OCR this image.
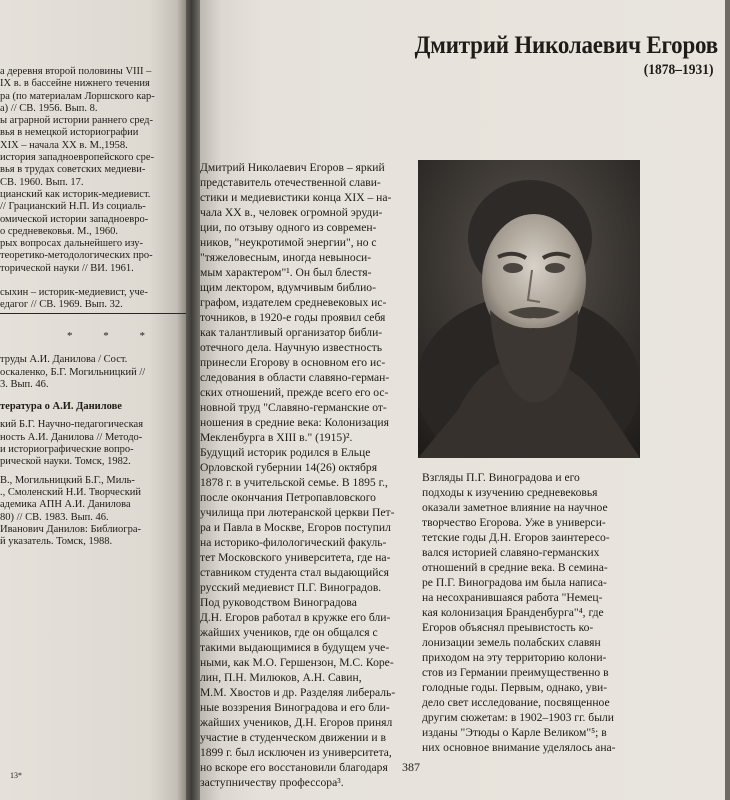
а деревня второй половины VIII –
IX в. в бассейне нижнего течения
ра (по материалам Лоршского кар-
а) // СВ. 1956. Вып. 8.
ы аграрной истории раннего сред-
вья в немецкой историографии
XIX – начала XX в. М.,1958.
история западноевропейского сре-
вья в трудах советских медиеви-
СВ. 1960. Вып. 17.
цианский как историк-медиевист.
// Грацианский Н.П. Из социаль-
омической истории западноевро-
о средневековья. М., 1960.
рых вопросах дальнейшего изу-
теоретико-методологических про-
торической науки // ВИ. 1961.
сыхин – историк-медиевист, уче-
едагог // СВ. 1969. Вып. 32.
* * *
труды А.И. Данилова / Сост.
оскаленко, Б.Г. Могильницкий //
3. Вып. 46.
тература о А.И. Данилове
кий Б.Г. Научно-педагогическая
ность А.И. Данилова // Методо-
и историографические вопро-
рической науки. Томск, 1982.
В., Могильницкий Б.Г., Миль-
., Смоленский Н.И. Творческий
адемика АПН А.И. Данилова
80) // СВ. 1983. Вып. 46.
Иванович Данилов: Библиогра-
й указатель. Томск, 1988.
13*
Дмитрий Николаевич Егоров
(1878–1931)
Дмитрий Николаевич Егоров – яркий
представитель отечественной слави-
стики и медиевистики конца XIX – на-
чала XX в., человек огромной эруди-
ции, по отзыву одного из современ-
ников, "неукротимой энергии", но с
"тяжеловесным, иногда невыноси-
мым характером"¹. Он был блестя-
щим лектором, вдумчивым библио-
графом, издателем средневековых ис-
точников, в 1920-е годы проявил себя
как талантливый организатор библи-
отечного дела. Научную известность
принесли Егорову в основном его ис-
следования в области славяно-герман-
ских отношений, прежде всего его ос-
новной труд "Славяно-германские от-
ношения в средние века: Колонизация
Мекленбурга в XIII в." (1915)².
Будущий историк родился в Ельце
Орловской губернии 14(26) октября
1878 г. в учительской семье. В 1895 г.,
после окончания Петропавловского
училища при лютеранской церкви Пет-
ра и Павла в Москве, Егоров поступил
на историко-филологический факуль-
тет Московского университета, где на-
ставником студента стал выдающийся
русский медиевист П.Г. Виноградов.
Под руководством Виноградова
Д.Н. Егоров работал в кружке его бли-
жайших учеников, где он общался с
такими выдающимися в будущем уче-
ными, как М.О. Гершензон, М.С. Коре-
лин, П.Н. Милюков, А.Н. Савин,
М.М. Хвостов и др. Разделяя либераль-
ные воззрения Виноградова и его бли-
жайших учеников, Д.Н. Егоров принял
участие в студенческом движении и в
1899 г. был исключен из университета,
но вскоре его восстановили благодаря
заступничеству профессора³.
Взгляды П.Г. Виноградова и его
подходы к изучению средневековья
оказали заметное влияние на научное
творчество Егорова. Уже в универси-
тетские годы Д.Н. Егоров заинтересо-
вался историей славяно-германских
отношений в средние века. В семина-
ре П.Г. Виноградова им была написа-
на несохранившаяся работа "Немец-
кая колонизация Бранденбурга"⁴, где
Егоров объяснял преывистость ко-
лонизации земель полабских славян
приходом на эту территорию колони-
стов из Германии преимущественно в
голодные годы. Первым, однако, уви-
дело свет исследование, посвященное
другим сюжетам: в 1902–1903 гг. были
изданы "Этюды о Карле Великом"⁵; в
них основное внимание уделялось ана-
387
